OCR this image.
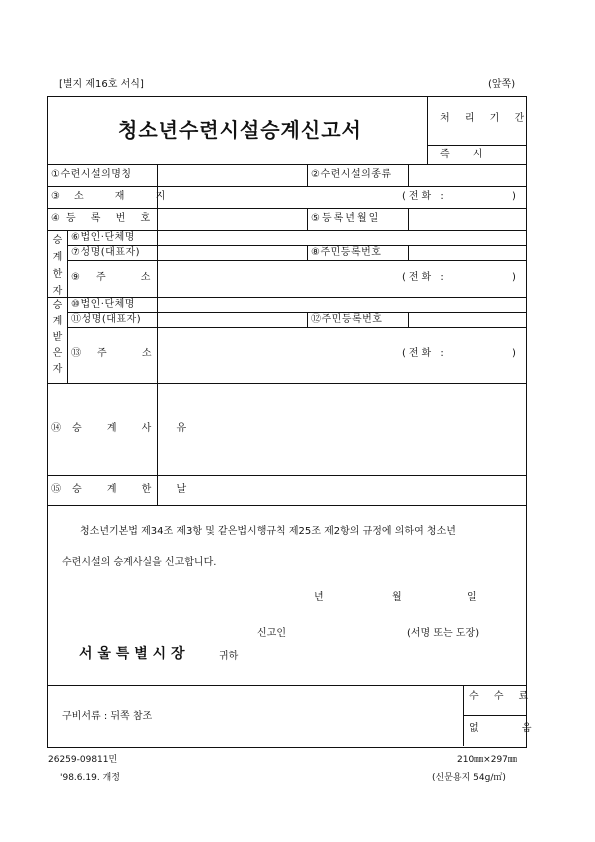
[별지 제16호 서식]	(앞쪽)
청소년수련시설승계신고서	처 리 기 간
즉 시
①수련시설의명칭	②수련시설의종류
③소 재 지	(전화 :	)
④등 록 번 호	⑤등록년월일
승
계
한
자
⑥법인·단체명
⑦성명(대표자)	⑧주민등록번호
⑨주 소	(전화 :	)
승
계
받
은
자
⑩법인·단체명
⑪성명(대표자)	⑫주민등록번호
⑬주 소	(전화 :	)
⑭승 계 사 유
⑮승 계 한 날
청소년기본법 제34조 제3항 및 같은법시행규칙 제25조 제2항의 규정에 의하여 청소년
수련시설의 승계사실을 신고합니다.
년	월	일
신고인	(서명 또는 도장)
서 울 특 별 시 장	귀하
구비서류 : 뒤쪽 참조
수 수 료
없 음
26259-09811민	210㎜×297㎜
'98.6.19. 개정	(신문용지 54g/㎡)
